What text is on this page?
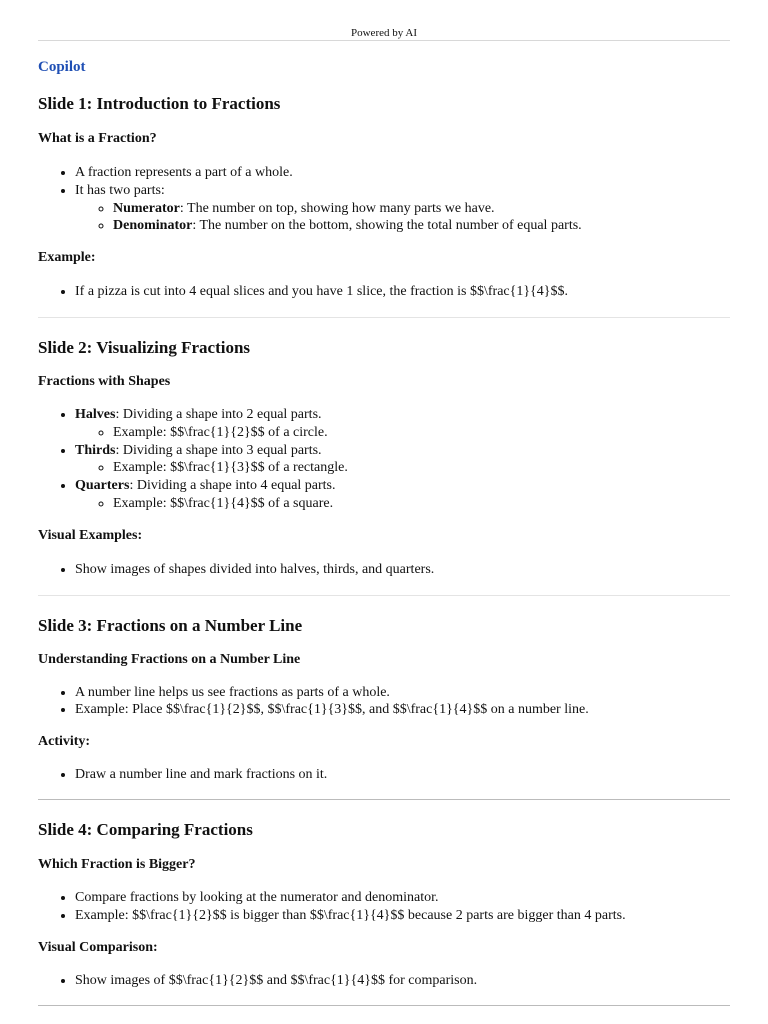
Powered by AI
Copilot
Slide 1: Introduction to Fractions
What is a Fraction?
• A fraction represents a part of a whole.
• It has two parts:
◦ Numerator: The number on top, showing how many parts we have.
◦ Denominator: The number on the bottom, showing the total number of equal parts.
Example:
• If a pizza is cut into 4 equal slices and you have 1 slice, the fraction is $$\frac{1}{4}$$.
Slide 2: Visualizing Fractions
Fractions with Shapes
• Halves: Dividing a shape into 2 equal parts.
◦ Example: $$\frac{1}{2}$$ of a circle.
• Thirds: Dividing a shape into 3 equal parts.
◦ Example: $$\frac{1}{3}$$ of a rectangle.
• Quarters: Dividing a shape into 4 equal parts.
◦ Example: $$\frac{1}{4}$$ of a square.
Visual Examples:
• Show images of shapes divided into halves, thirds, and quarters.
Slide 3: Fractions on a Number Line
Understanding Fractions on a Number Line
• A number line helps us see fractions as parts of a whole.
• Example: Place $$\frac{1}{2}$$, $$\frac{1}{3}$$, and $$\frac{1}{4}$$ on a number line.
Activity:
• Draw a number line and mark fractions on it.
Slide 4: Comparing Fractions
Which Fraction is Bigger?
• Compare fractions by looking at the numerator and denominator.
• Example: $$\frac{1}{2}$$ is bigger than $$\frac{1}{4}$$ because 2 parts are bigger than 4 parts.
Visual Comparison:
• Show images of $$\frac{1}{2}$$ and $$\frac{1}{4}$$ for comparison.
